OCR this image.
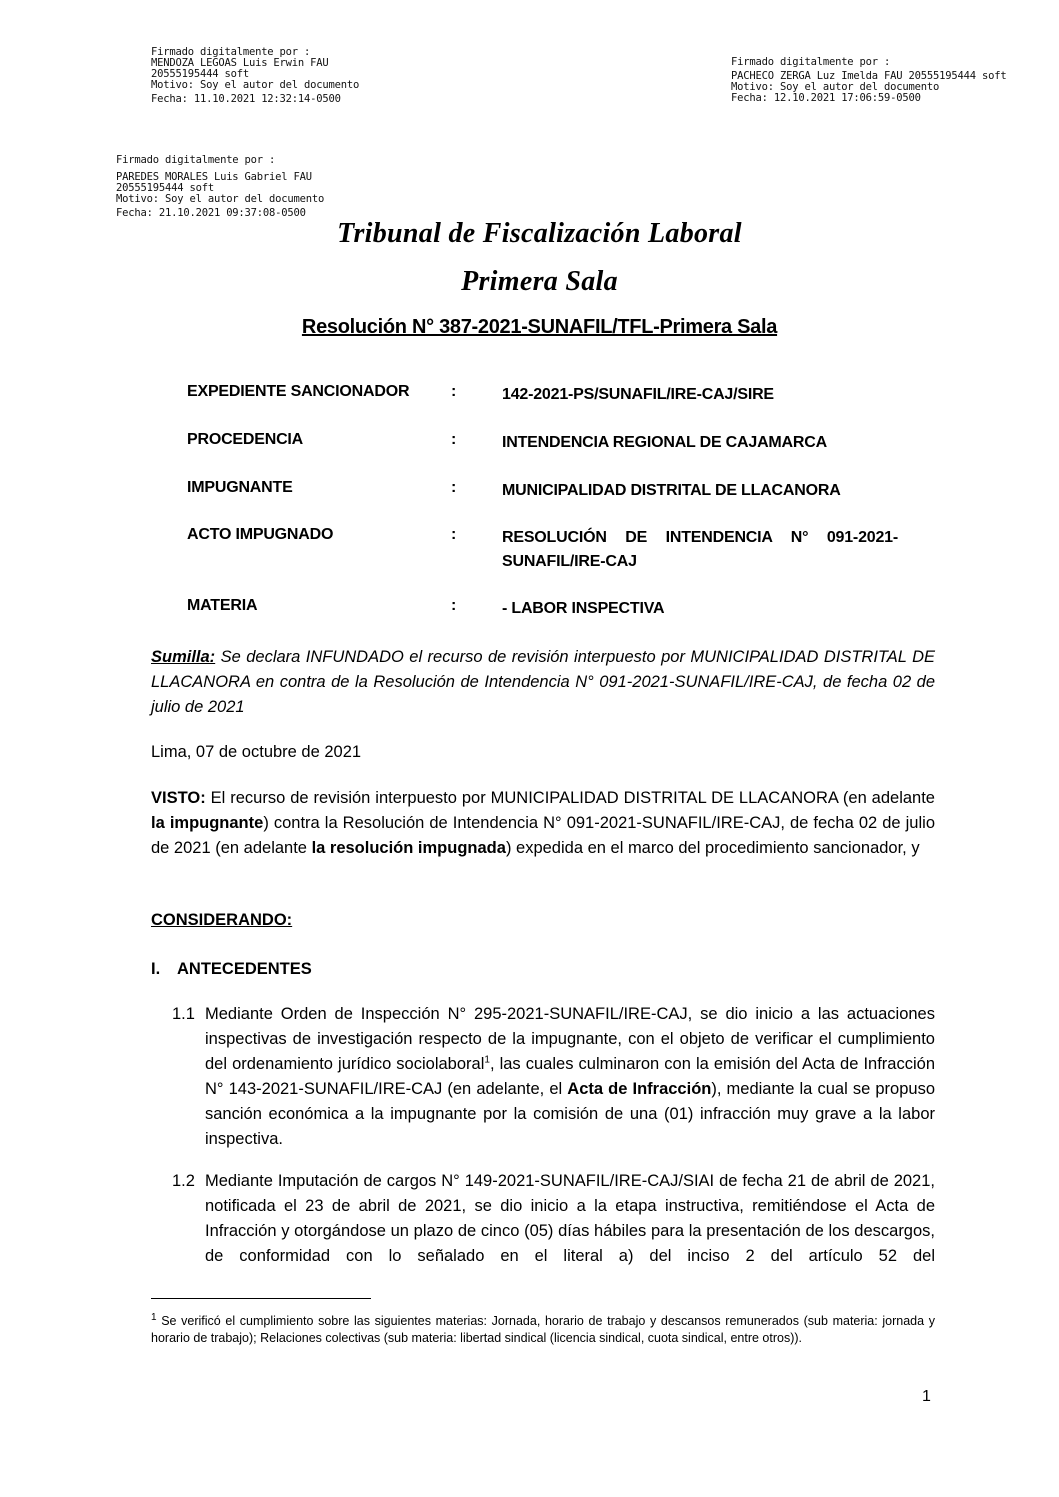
Firmado digitalmente por :
MENDOZA LEGOAS Luis Erwin FAU
20555195444 soft
Motivo: Soy el autor del documento
Fecha: 11.10.2021 12:32:14-0500
Firmado digitalmente por :
PACHECO ZERGA Luz Imelda FAU 20555195444 soft
Motivo: Soy el autor del documento
Fecha: 12.10.2021 17:06:59-0500
Firmado digitalmente por :
PAREDES MORALES Luis Gabriel FAU
20555195444 soft
Motivo: Soy el autor del documento
Fecha: 21.10.2021 09:37:08-0500
Tribunal de Fiscalización Laboral
Primera Sala
Resolución N° 387-2021-SUNAFIL/TFL-Primera Sala
EXPEDIENTE SANCIONADOR	:	142-2021-PS/SUNAFIL/IRE-CAJ/SIRE
PROCEDENCIA	:	INTENDENCIA REGIONAL DE CAJAMARCA
IMPUGNANTE	:	MUNICIPALIDAD DISTRITAL DE LLACANORA
ACTO IMPUGNADO	:	RESOLUCIÓN DE INTENDENCIA N° 091-2021-SUNAFIL/IRE-CAJ
MATERIA	:	- LABOR INSPECTIVA
Sumilla: Se declara INFUNDADO el recurso de revisión interpuesto por MUNICIPALIDAD DISTRITAL DE LLACANORA en contra de la Resolución de Intendencia N° 091-2021-SUNAFIL/IRE-CAJ, de fecha 02 de julio de 2021
Lima, 07 de octubre de 2021
VISTO: El recurso de revisión interpuesto por MUNICIPALIDAD DISTRITAL DE LLACANORA (en adelante la impugnante) contra la Resolución de Intendencia N° 091-2021-SUNAFIL/IRE-CAJ, de fecha 02 de julio de 2021 (en adelante la resolución impugnada) expedida en el marco del procedimiento sancionador, y
CONSIDERANDO:
I. ANTECEDENTES
1.1 Mediante Orden de Inspección N° 295-2021-SUNAFIL/IRE-CAJ, se dio inicio a las actuaciones inspectivas de investigación respecto de la impugnante, con el objeto de verificar el cumplimiento del ordenamiento jurídico sociolaboral$^1$, las cuales culminaron con la emisión del Acta de Infracción N° 143-2021-SUNAFIL/IRE-CAJ (en adelante, el Acta de Infracción), mediante la cual se propuso sanción económica a la impugnante por la comisión de una (01) infracción muy grave a la labor inspectiva.
1.2 Mediante Imputación de cargos N° 149-2021-SUNAFIL/IRE-CAJ/SIAI de fecha 21 de abril de 2021, notificada el 23 de abril de 2021, se dio inicio a la etapa instructiva, remitiéndose el Acta de Infracción y otorgándose un plazo de cinco (05) días hábiles para la presentación de los descargos, de conformidad con lo señalado en el literal a) del inciso 2 del artículo 52 del
$^1$ Se verificó el cumplimiento sobre las siguientes materias: Jornada, horario de trabajo y descansos remunerados (sub materia: jornada y horario de trabajo); Relaciones colectivas (sub materia: libertad sindical (licencia sindical, cuota sindical, entre otros)).
1
